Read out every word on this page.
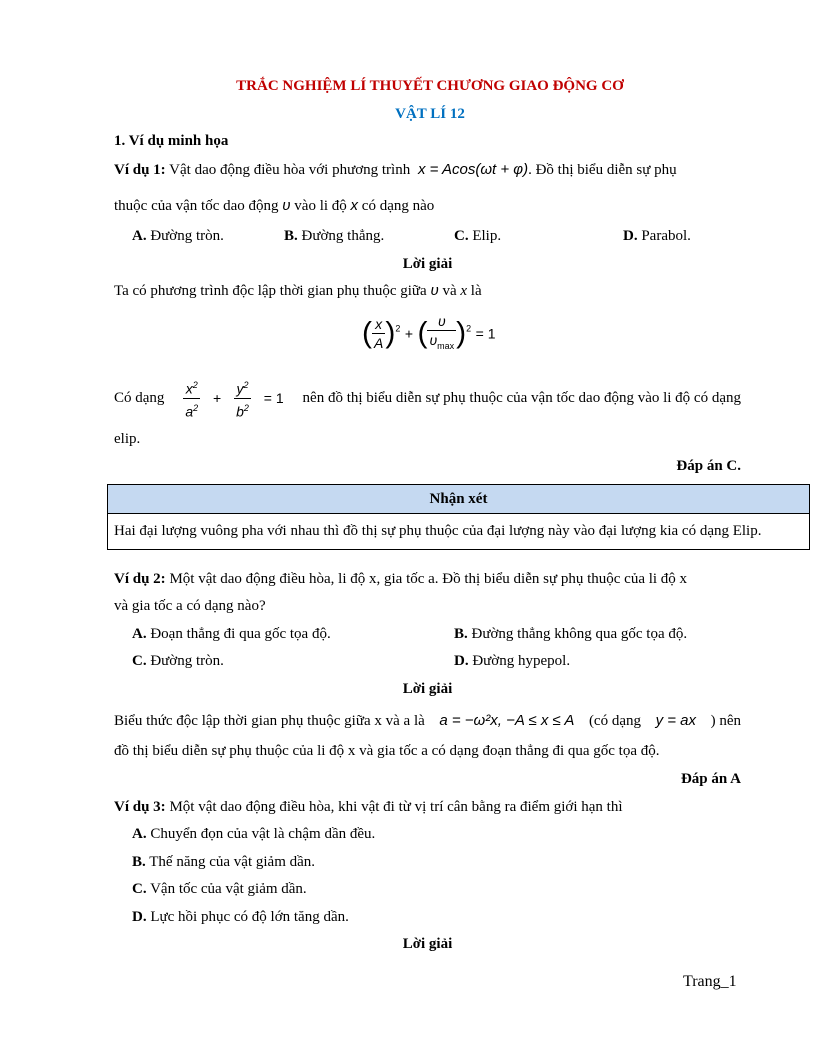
TRẮC NGHIỆM LÍ THUYẾT CHƯƠNG GIAO ĐỘNG CƠ
VẬT LÍ 12
1. Ví dụ minh họa
Ví dụ 1: Vật dao động điều hòa với phương trình x = Acos(ωt + φ). Đồ thị biểu diễn sự phụ
thuộc của vận tốc dao động υ vào li độ x có dạng nào
A. Đường tròn.	B. Đường thẳng.	C. Elip.	D. Parabol.
Lời giải
Ta có phương trình độc lập thời gian phụ thuộc giữa υ và x là
( $\frac{x}{A} )^2$ + ( $\frac{\upsilon}{\upsilon_{max}} )^2 = 1$
Có dạng $\frac{x^2}{a^2} + \frac{y^2}{b^2} = 1$ nên đồ thị biểu diễn sự phụ thuộc của vận tốc dao động vào li độ có dạng
elip.
Đáp án C.
Nhận xét
Hai đại lượng vuông pha với nhau thì đồ thị sự phụ thuộc của đại lượng này vào đại lượng kia có dạng Elip.
Ví dụ 2: Một vật dao động điều hòa, li độ x, gia tốc a. Đồ thị biểu diễn sự phụ thuộc của li độ x
và gia tốc a có dạng nào?
A. Đoạn thẳng đi qua gốc tọa độ.	B. Đường thẳng không qua gốc tọa độ.
C. Đường tròn.	D. Đường hypepol.
Lời giải
Biểu thức độc lập thời gian phụ thuộc giữa x và a là a = −ω²x, −A ≤ x ≤ A (có dạng y = ax ) nên
đồ thị biểu diễn sự phụ thuộc của li độ x và gia tốc a có dạng đoạn thẳng đi qua gốc tọa độ.
Đáp án A
Ví dụ 3: Một vật dao động điều hòa, khi vật đi từ vị trí cân bằng ra điểm giới hạn thì
A. Chuyển đọn của vật là chậm dần đều.
B. Thế năng của vật giảm dần.
C. Vận tốc của vật giảm dần.
D. Lực hồi phục có độ lớn tăng dần.
Lời giải
Trang_1
